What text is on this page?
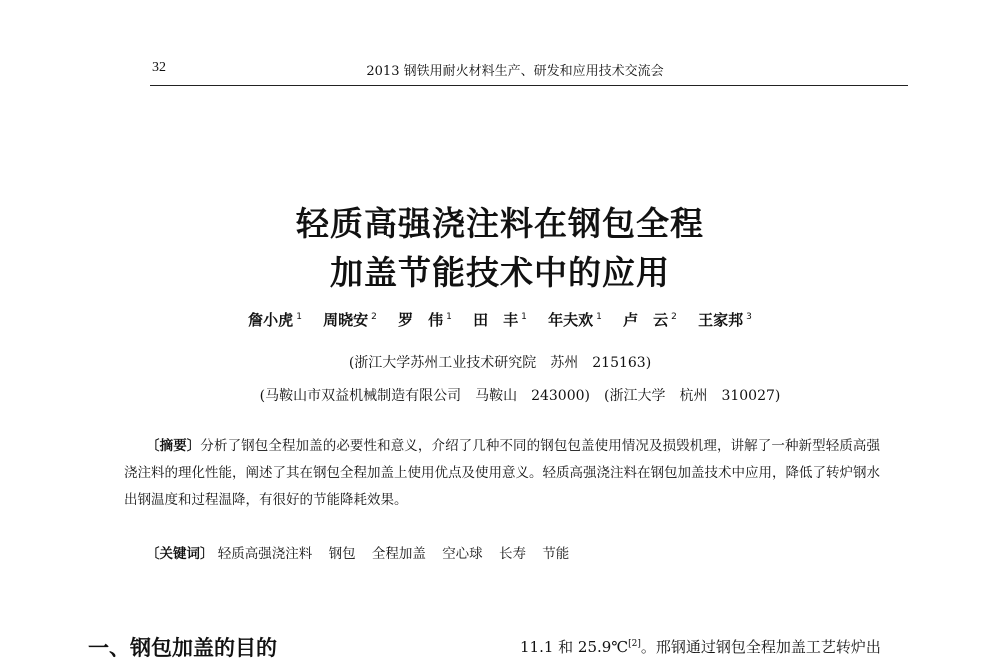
32	2013 钢铁用耐火材料生产、研发和应用技术交流会
轻质高强浇注料在钢包全程
加盖节能技术中的应用
詹小虎 $^1$ 周晓安 $^2$ 罗　伟 $^1$ 田　丰 $^1$ 年夫欢 $^1$ 卢　云 $^2$ 王家邦 $^3$
(浙江大学苏州工业技术研究院　苏州　215163)
(马鞍山市双益机械制造有限公司　马鞍山　243000)　(浙江大学　杭州　310027)
〔摘要〕分析了钢包全程加盖的必要性和意义，介绍了几种不同的钢包包盖使用情况及损毁机理，讲解了一种新型轻质高强浇注料的理化性能，阐述了其在钢包全程加盖上使用优点及使用意义。轻质高强浇注料在钢包加盖技术中应用，降低了转炉钢水出钢温度和过程温降，有很好的节能降耗效果。
〔关键词〕 轻质高强浇注料 钢包 全程加盖 空心球 长寿 节能
一、钢包加盖的目的	11.1 和 25.9℃[2]。邢钢通过钢包全程加盖工艺转炉出
